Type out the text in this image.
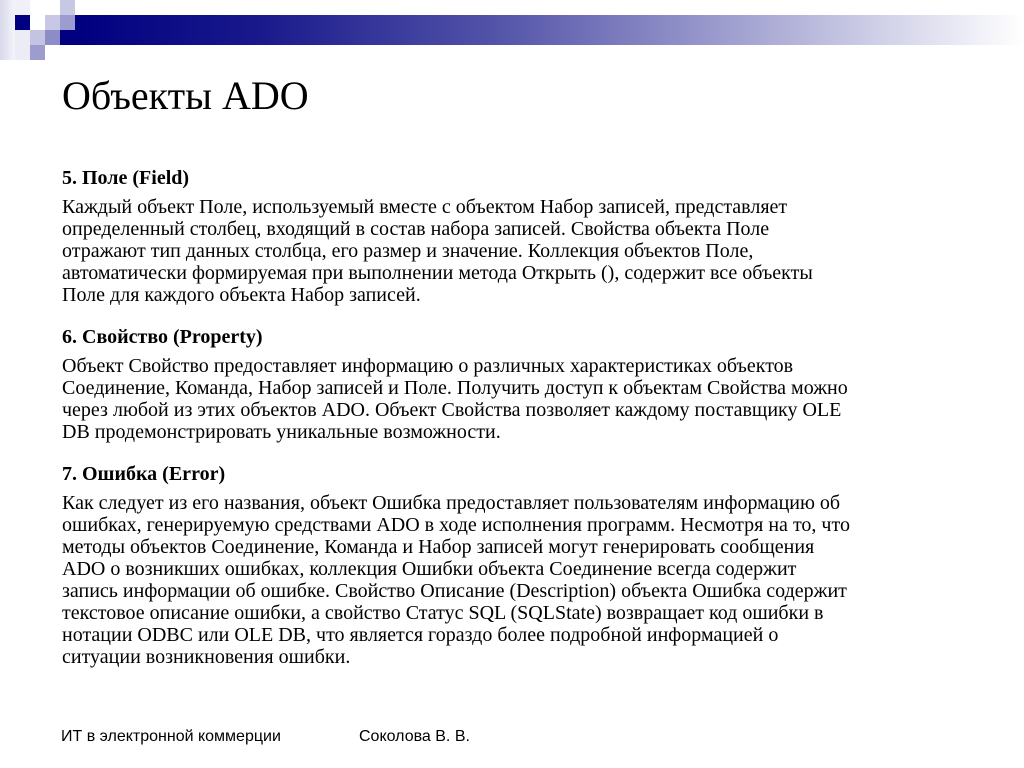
Объекты ADO
5. Поле (Field)
Каждый объект Поле, используемый вместе с объектом Набор записей, представляет
определенный столбец, входящий в состав набора записей. Свойства объекта Поле
отражают тип данных столбца, его размер и значение. Коллекция объектов Поле,
автоматически формируемая при выполнении метода Открыть (), содержит все объекты
Поле для каждого объекта Набор записей.
6. Свойство (Property)
Объект Свойство предоставляет информацию о различных характеристиках объектов
Соединение, Команда, Набор записей и Поле. Получить доступ к объектам Свойства можно
через любой из этих объектов ADO. Объект Свойства позволяет каждому поставщику OLE
DB продемонстрировать уникальные возможности.
7. Ошибка (Error)
Как следует из его названия, объект Ошибка предоставляет пользователям информацию об
ошибках, генерируемую средствами ADO в ходе исполнения программ. Несмотря на то, что
методы объектов Соединение, Команда и Набор записей могут генерировать сообщения
ADO о возникших ошибках, коллекция Ошибки объекта Соединение всегда содержит
запись информации об ошибке. Свойство Описание (Description) объекта Ошибка содержит
текстовое описание ошибки, а свойство Статус SQL (SQLState) возвращает код ошибки в
нотации ODBC или OLE DB, что является гораздо более подробной информацией о
ситуации возникновения ошибки.
ИТ в электронной коммерции	Соколова В. В.
